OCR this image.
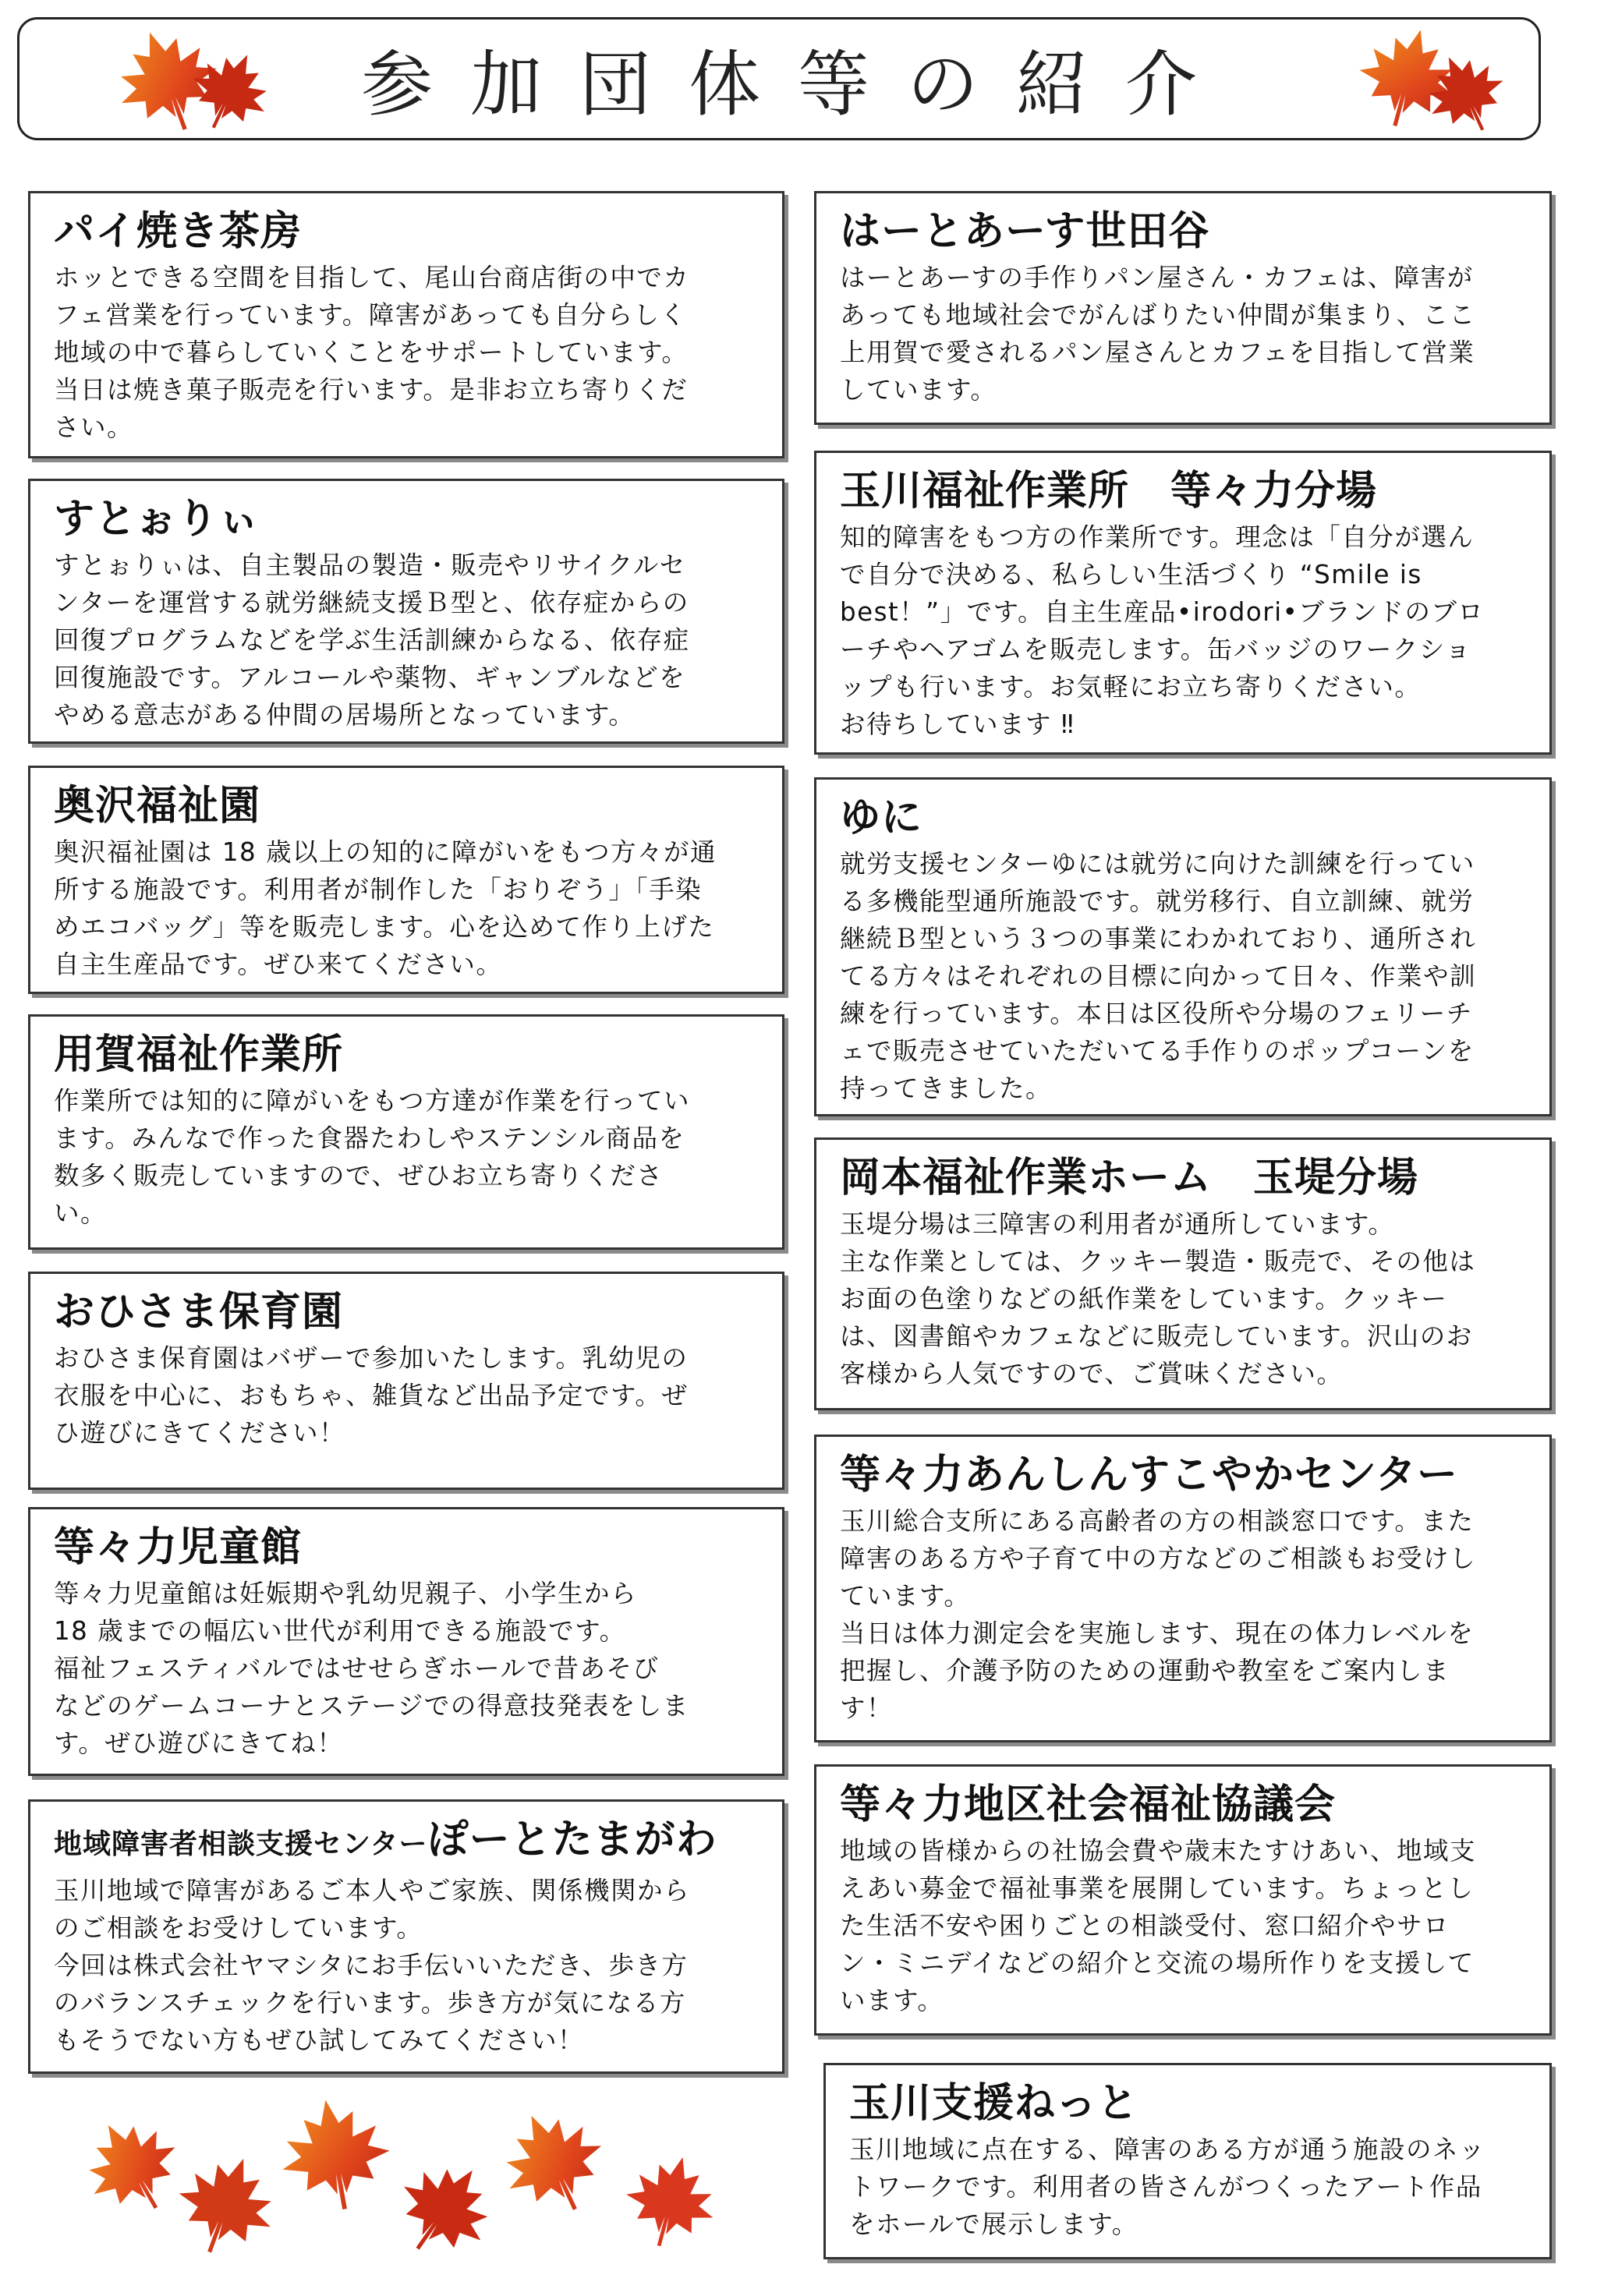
参加団体等の紹介
パイ焼き茶房

ホッとできる空間を目指して、尾山台商店街の中でカ
フェ営業を行っています。障害があっても自分らしく
地域の中で暮らしていくことをサポートしています。
当日は焼き菓子販売を行います。是非お立ち寄りくだ
さい。

すとぉりぃ

すとぉりぃは、自主製品の製造・販売やリサイクルセ
ンターを運営する就労継続支援Ｂ型と、依存症からの
回復プログラムなどを学ぶ生活訓練からなる、依存症
回復施設です。アルコールや薬物、ギャンブルなどを
やめる意志がある仲間の居場所となっています。

奥沢福祉園

奥沢福祉園は 18 歳以上の知的に障がいをもつ方々が通
所する施設です。利用者が制作した「おりぞう」「手染
めエコバッグ」等を販売します。心を込めて作り上げた
自主生産品です。ぜひ来てください。

用賀福祉作業所

作業所では知的に障がいをもつ方達が作業を行ってい
ます。みんなで作った食器たわしやステンシル商品を
数多く販売していますので、ぜひお立ち寄りくださ
い。

おひさま保育園

おひさま保育園はバザーで参加いたします。乳幼児の
衣服を中心に、おもちゃ、雑貨など出品予定です。ぜ
ひ遊びにきてください！

等々力児童館

等々力児童館は妊娠期や乳幼児親子、小学生から
18 歳までの幅広い世代が利用できる施設です。
福祉フェスティバルではせせらぎホールで昔あそび
などのゲームコーナとステージでの得意技発表をしま
す。ぜひ遊びにきてね！

地域障害者相談支援センターぽーとたまがわ

玉川地域で障害があるご本人やご家族、関係機関から
のご相談をお受けしています。
今回は株式会社ヤマシタにお手伝いいただき、歩き方
のバランスチェックを行います。歩き方が気になる方
もそうでない方もぜひ試してみてください！

はーとあーす世田谷

はーとあーすの手作りパン屋さん・カフェは、障害が
あっても地域社会でがんばりたい仲間が集まり、ここ
上用賀で愛されるパン屋さんとカフェを目指して営業
しています。

玉川福祉作業所　等々力分場

知的障害をもつ方の作業所です。理念は「自分が選ん
で自分で決める、私らしい生活づくり “Smile is
best！”」です。自主生産品•irodori•ブランドのブロ
ーチやヘアゴムを販売します。缶バッジのワークショ
ップも行います。お気軽にお立ち寄りください。
お待ちしています ‼

ゆに

就労支援センターゆには就労に向けた訓練を行ってい
る多機能型通所施設です。就労移行、自立訓練、就労
継続Ｂ型という３つの事業にわかれており、通所され
てる方々はそれぞれの目標に向かって日々、作業や訓
練を行っています。本日は区役所や分場のフェリーチ
ェで販売させていただいてる手作りのポップコーンを
持ってきました。

岡本福祉作業ホーム　玉堤分場

玉堤分場は三障害の利用者が通所しています。
主な作業としては、クッキー製造・販売で、その他は
お面の色塗りなどの紙作業をしています。クッキー
は、図書館やカフェなどに販売しています。沢山のお
客様から人気ですので、ご賞味ください。

等々力あんしんすこやかセンター

玉川総合支所にある高齢者の方の相談窓口です。また
障害のある方や子育て中の方などのご相談もお受けし
ています。
当日は体力測定会を実施します、現在の体力レベルを
把握し、介護予防のための運動や教室をご案内しま
す！

等々力地区社会福祉協議会

地域の皆様からの社協会費や歳末たすけあい、地域支
えあい募金で福祉事業を展開しています。ちょっとし
た生活不安や困りごとの相談受付、窓口紹介やサロ
ン・ミニデイなどの紹介と交流の場所作りを支援して
います。

玉川支援ねっと

玉川地域に点在する、障害のある方が通う施設のネッ
トワークです。利用者の皆さんがつくったアート作品
をホールで展示します。
